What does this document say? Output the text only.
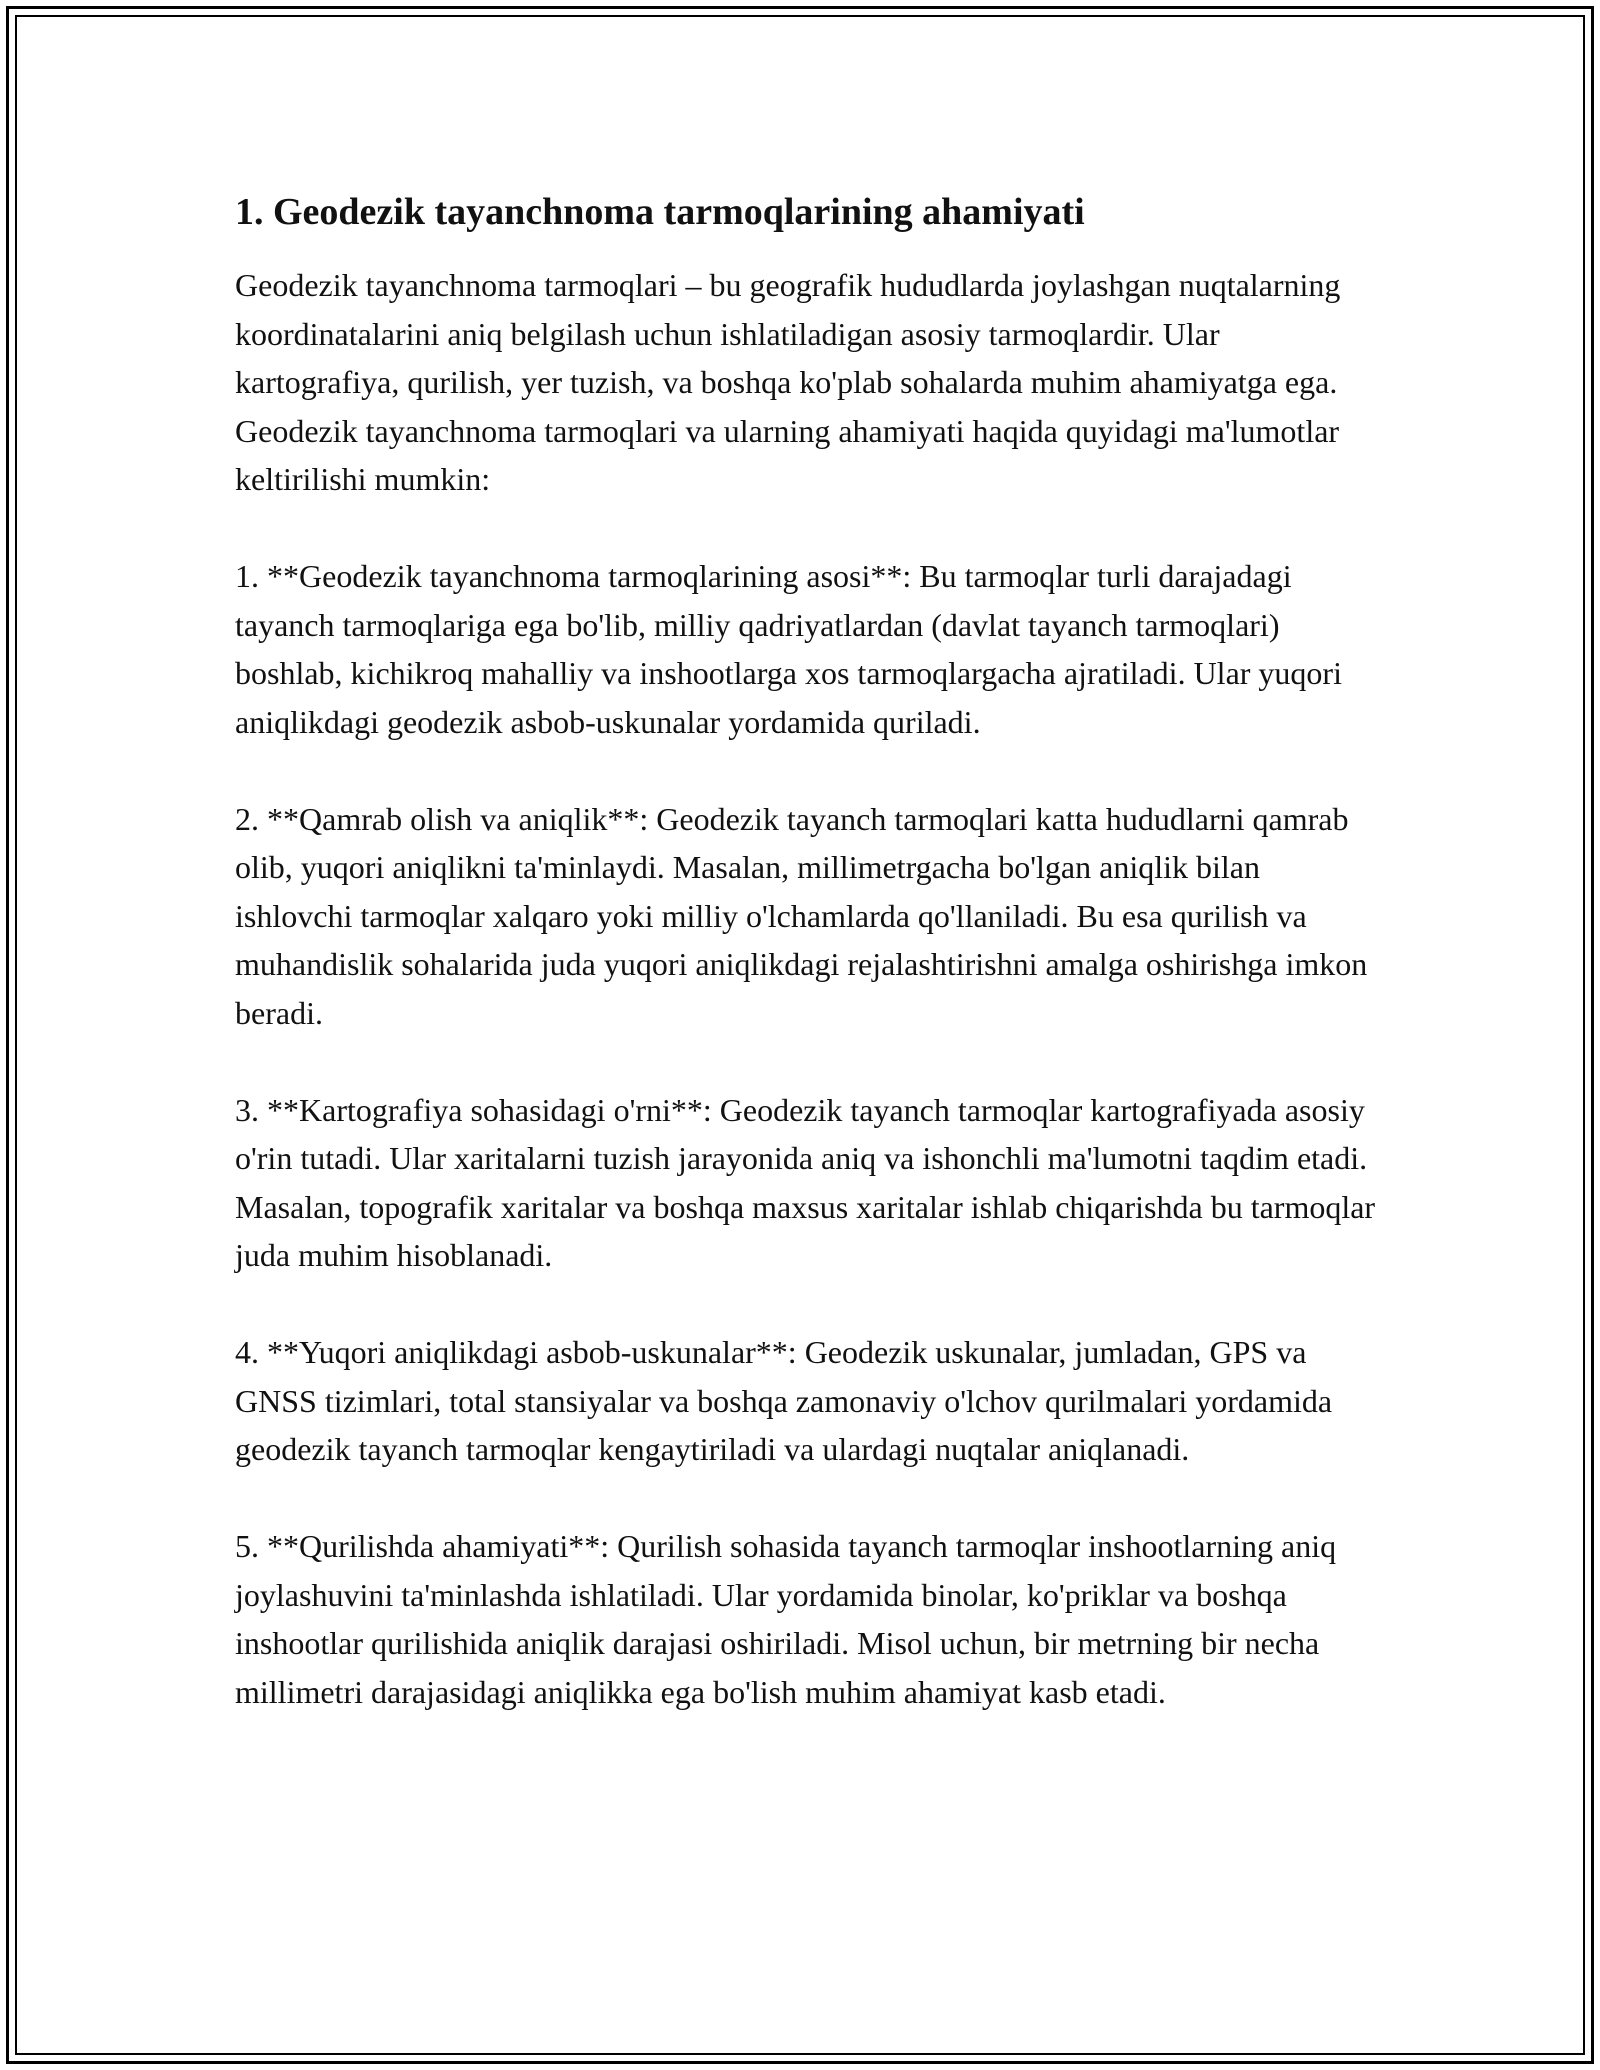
1. Geodezik tayanchnoma tarmoqlarining ahamiyati

Geodezik tayanchnoma tarmoqlari – bu geografik hududlarda joylashgan nuqtalarning koordinatalarini aniq belgilash uchun ishlatiladigan asosiy tarmoqlardir. Ular kartografiya, qurilish, yer tuzish, va boshqa ko'plab sohalarda muhim ahamiyatga ega. Geodezik tayanchnoma tarmoqlari va ularning ahamiyati haqida quyidagi ma'lumotlar keltirilishi mumkin:

1. **Geodezik tayanchnoma tarmoqlarining asosi**: Bu tarmoqlar turli darajadagi tayanch tarmoqlariga ega bo'lib, milliy qadriyatlardan (davlat tayanch tarmoqlari) boshlab, kichikroq mahalliy va inshootlarga xos tarmoqlargacha ajratiladi. Ular yuqori aniqlikdagi geodezik asbob-uskunalar yordamida quriladi.

2. **Qamrab olish va aniqlik**: Geodezik tayanch tarmoqlari katta hududlarni qamrab olib, yuqori aniqlikni ta'minlaydi. Masalan, millimetrgacha bo'lgan aniqlik bilan ishlovchi tarmoqlar xalqaro yoki milliy o'lchamlarda qo'llaniladi. Bu esa qurilish va muhandislik sohalarida juda yuqori aniqlikdagi rejalashtirishni amalga oshirishga imkon beradi.

3. **Kartografiya sohasidagi o'rni**: Geodezik tayanch tarmoqlar kartografiyada asosiy o'rin tutadi. Ular xaritalarni tuzish jarayonida aniq va ishonchli ma'lumotni taqdim etadi. Masalan, topografik xaritalar va boshqa maxsus xaritalar ishlab chiqarishda bu tarmoqlar juda muhim hisoblanadi.

4. **Yuqori aniqlikdagi asbob-uskunalar**: Geodezik uskunalar, jumladan, GPS va GNSS tizimlari, total stansiyalar va boshqa zamonaviy o'lchov qurilmalari yordamida geodezik tayanch tarmoqlar kengaytiriladi va ulardagi nuqtalar aniqlanadi.

5. **Qurilishda ahamiyati**: Qurilish sohasida tayanch tarmoqlar inshootlarning aniq joylashuvini ta'minlashda ishlatiladi. Ular yordamida binolar, ko'priklar va boshqa inshootlar qurilishida aniqlik darajasi oshiriladi. Misol uchun, bir metrning bir necha millimetri darajasidagi aniqlikka ega bo'lish muhim ahamiyat kasb etadi.
